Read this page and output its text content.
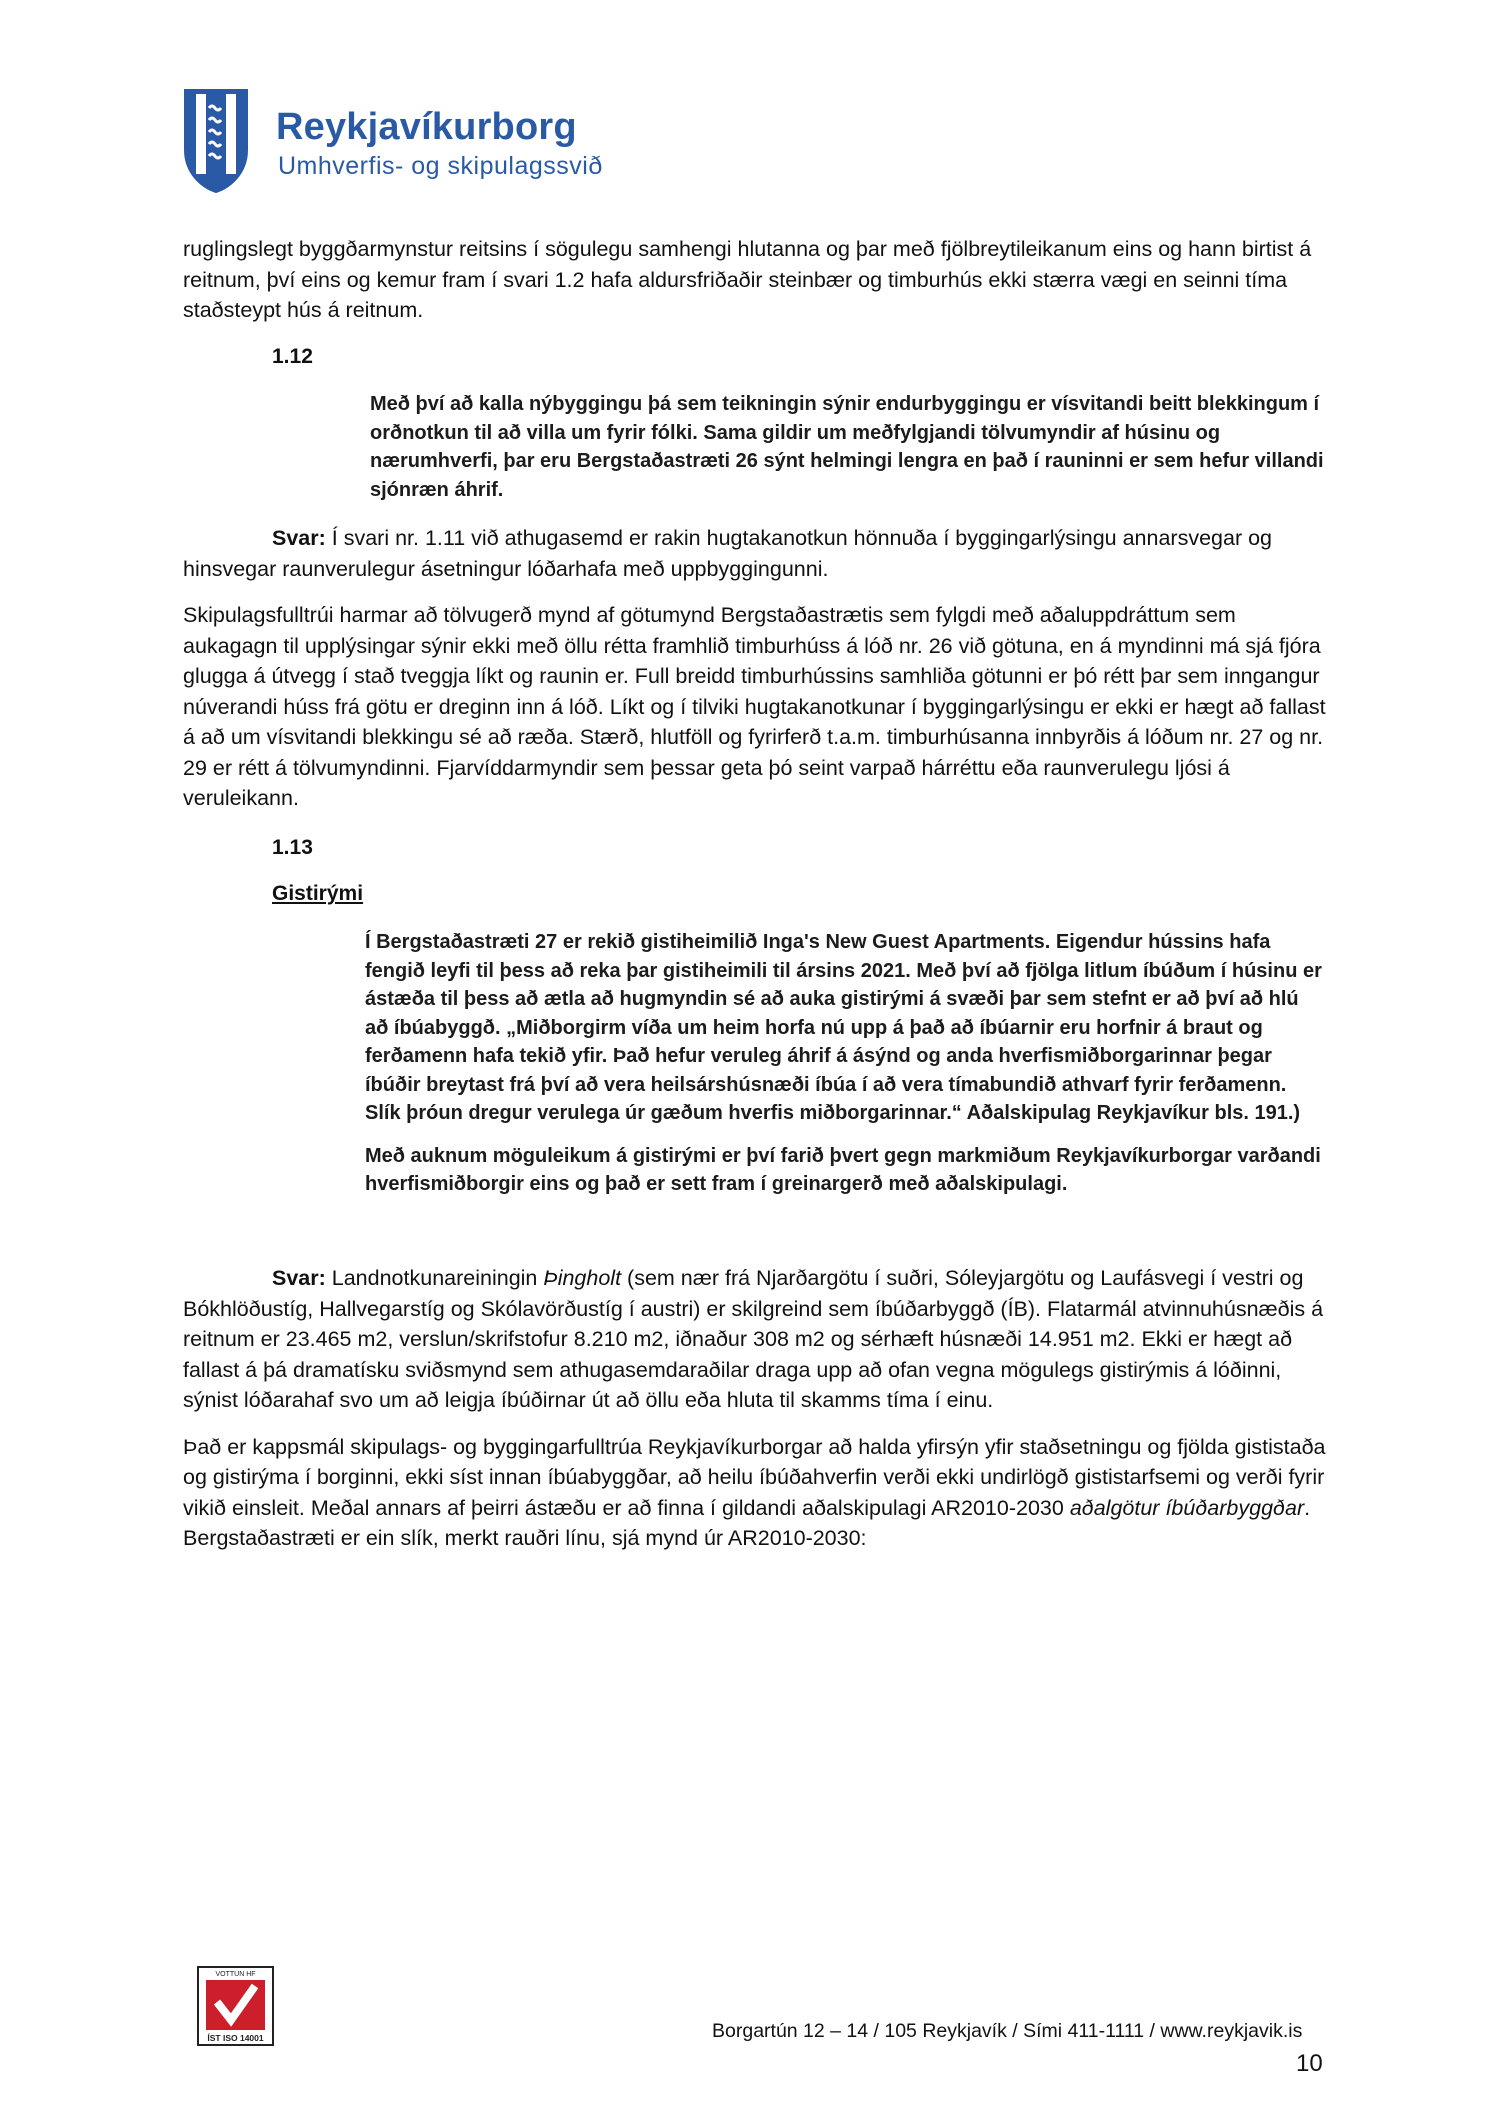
Reykjavíkurborg
Umhverfis- og skipulagssvið

ruglingslegt byggðarmynstur reitsins í sögulegu samhengi hlutanna og þar með fjölbreytileikanum eins og hann birtist á reitnum, því eins og kemur fram í svari 1.2 hafa aldursfriðaðir steinbær og timburhús ekki stærra vægi en seinni tíma staðsteypt hús á reitnum.

1.12

Með því að kalla nýbyggingu þá sem teikningin sýnir endurbyggingu er vísvitandi beitt blekkingum í orðnotkun til að villa um fyrir fólki. Sama gildir um meðfylgjandi tölvumyndir af húsinu og nærumhverfi, þar eru Bergstaðastræti 26 sýnt helmingi lengra en það í rauninni er sem hefur villandi sjónræn áhrif.

Svar: Í svari nr. 1.11 við athugasemd er rakin hugtakanotkun hönnuða í byggingarlýsingu annarsvegar og hinsvegar raunverulegur ásetningur lóðarhafa með uppbyggingunni.

Skipulagsfulltrúi harmar að tölvugerð mynd af götumynd Bergstaðastrætis sem fylgdi með aðaluppdráttum sem aukagagn til upplýsingar sýnir ekki með öllu rétta framhlið timburhúss á lóð nr. 26 við götuna, en á myndinni má sjá fjóra glugga á útvegg í stað tveggja líkt og raunin er. Full breidd timburhússins samhliða götunni er þó rétt þar sem inngangur núverandi húss frá götu er dreginn inn á lóð. Líkt og í tilviki hugtakanotkunar í byggingarlýsingu er ekki er hægt að fallast á að um vísvitandi blekkingu sé að ræða. Stærð, hlutföll og fyrirferð t.a.m. timburhúsanna innbyrðis á lóðum nr. 27 og nr. 29 er rétt á tölvumyndinni. Fjarvíddarmyndir sem þessar geta þó seint varpað hárréttu eða raunverulegu ljósi á veruleikann.

1.13
Gistirými

Í Bergstaðastræti 27 er rekið gistiheimilið Inga's New Guest Apartments. Eigendur hússins hafa fengið leyfi til þess að reka þar gistiheimili til ársins 2021. Með því að fjölga litlum íbúðum í húsinu er ástæða til þess að ætla að hugmyndin sé að auka gistirými á svæði þar sem stefnt er að því að hlú að íbúabyggð. „Miðborgirm víða um heim horfa nú upp á það að íbúarnir eru horfnir á braut og ferðamenn hafa tekið yfir. Það hefur veruleg áhrif á ásýnd og anda hverfismiðborgarinnar þegar íbúðir breytast frá því að vera heilsárshúsnæði íbúa í að vera tímabundið athvarf fyrir ferðamenn. Slík þróun dregur verulega úr gæðum hverfis miðborgarinnar.“ Aðalskipulag Reykjavíkur bls. 191.)

Með auknum möguleikum á gistirými er því farið þvert gegn markmiðum Reykjavíkurborgar varðandi hverfismiðborgir eins og það er sett fram í greinargerð með aðalskipulagi.

Svar: Landnotkunareiningin Þingholt (sem nær frá Njarðargötu í suðri, Sóleyjargötu og Laufásvegi í vestri og Bókhlöðustíg, Hallvegarstíg og Skólavörðustíg í austri) er skilgreind sem íbúðarbyggð (ÍB). Flatarmál atvinnuhúsnæðis á reitnum er 23.465 m2, verslun/skrifstofur 8.210 m2, iðnaður 308 m2 og sérhæft húsnæði 14.951 m2. Ekki er hægt að fallast á þá dramatísku sviðsmynd sem athugasemdaraðilar draga upp að ofan vegna mögulegs gistirýmis á lóðinni, sýnist lóðarahaf svo um að leigja íbúðirnar út að öllu eða hluta til skamms tíma í einu.

Það er kappsmál skipulags- og byggingarfulltrúa Reykjavíkurborgar að halda yfirsýn yfir staðsetningu og fjölda gististaða og gistirýma í borginni, ekki síst innan íbúabyggðar, að heilu íbúðahverfin verði ekki undirlögð gististarfsemi og verði fyrir vikið einsleit. Meðal annars af þeirri ástæðu er að finna í gildandi aðalskipulagi AR2010-2030 aðalgötur íbúðarbyggðar. Bergstaðastræti er ein slík, merkt rauðri línu, sjá mynd úr AR2010-2030:

VOTTUN HF
ÍST ISO 14001	Borgartún 12 – 14 / 105 Reykjavík / Sími 411-1111 / www.reykjavik.is
10
